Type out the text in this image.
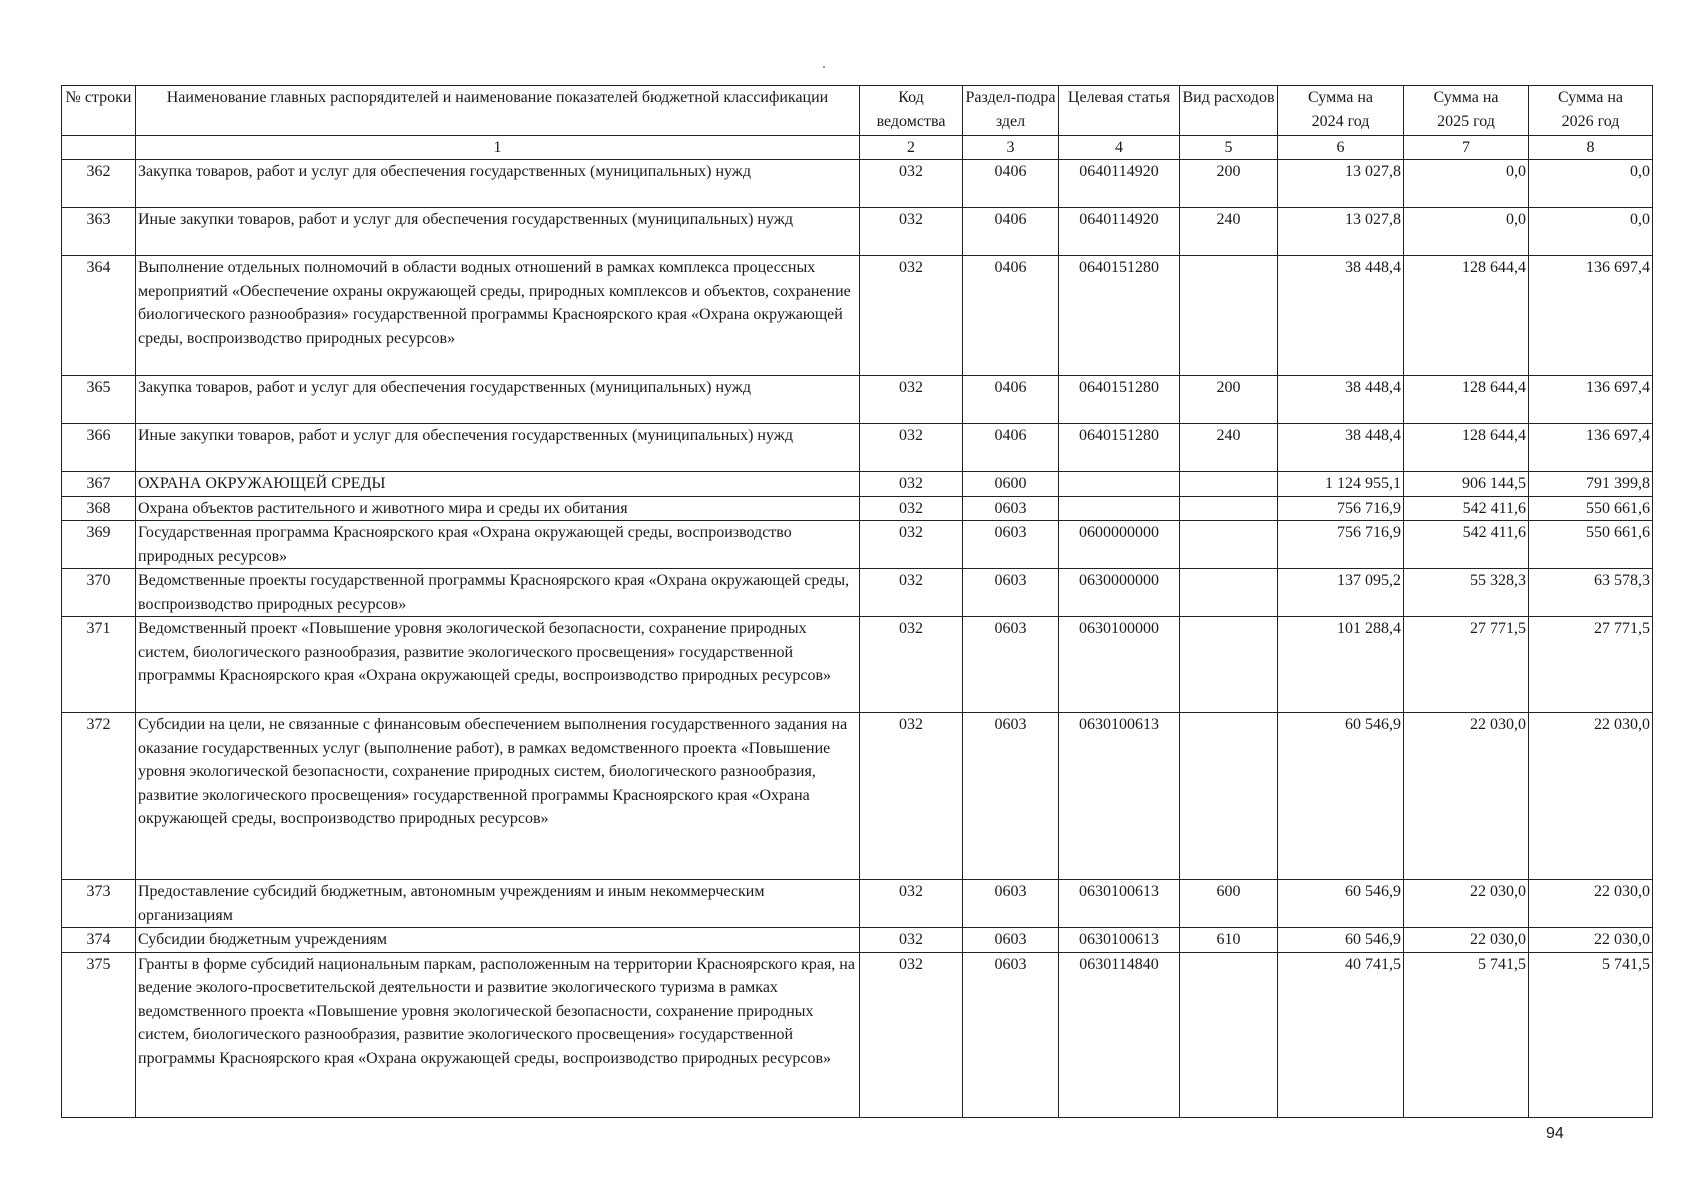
№ строки	Наименование главных распорядителей и наименование показателей бюджетной классификации	Код ведомства	Раздел-подраздел	Целевая статья	Вид расходов	Сумма на 2024 год	Сумма на 2025 год	Сумма на 2026 год
	1	2	3	4	5	6	7	8
362	Закупка товаров, работ и услуг для обеспечения государственных (муниципальных) нужд	032	0406	0640114920	200	13 027,8	0,0	0,0
363	Иные закупки товаров, работ и услуг для обеспечения государственных (муниципальных) нужд	032	0406	0640114920	240	13 027,8	0,0	0,0
364	Выполнение отдельных полномочий в области водных отношений в рамках комплекса процессных мероприятий «Обеспечение охраны окружающей среды, природных комплексов и объектов, сохранение биологического разнообразия» государственной программы Красноярского края «Охрана окружающей среды, воспроизводство природных ресурсов»	032	0406	0640151280		38 448,4	128 644,4	136 697,4
365	Закупка товаров, работ и услуг для обеспечения государственных (муниципальных) нужд	032	0406	0640151280	200	38 448,4	128 644,4	136 697,4
366	Иные закупки товаров, работ и услуг для обеспечения государственных (муниципальных) нужд	032	0406	0640151280	240	38 448,4	128 644,4	136 697,4
367	ОХРАНА ОКРУЖАЮЩЕЙ СРЕДЫ	032	0600			1 124 955,1	906 144,5	791 399,8
368	Охрана объектов растительного и животного мира и среды их обитания	032	0603			756 716,9	542 411,6	550 661,6
369	Государственная программа Красноярского края «Охрана окружающей среды, воспроизводство природных ресурсов»	032	0603	0600000000		756 716,9	542 411,6	550 661,6
370	Ведомственные проекты государственной программы Красноярского края «Охрана окружающей среды, воспроизводство природных ресурсов»	032	0603	0630000000		137 095,2	55 328,3	63 578,3
371	Ведомственный проект «Повышение уровня экологической безопасности, сохранение природных систем, биологического разнообразия, развитие экологического просвещения» государственной программы Красноярского края «Охрана окружающей среды, воспроизводство природных ресурсов»	032	0603	0630100000		101 288,4	27 771,5	27 771,5
372	Субсидии на цели, не связанные с финансовым обеспечением выполнения государственного задания на оказание государственных услуг (выполнение работ), в рамках ведомственного проекта «Повышение уровня экологической безопасности, сохранение природных систем, биологического разнообразия, развитие экологического просвещения» государственной программы Красноярского края «Охрана окружающей среды, воспроизводство природных ресурсов»	032	0603	0630100613		60 546,9	22 030,0	22 030,0
373	Предоставление субсидий бюджетным, автономным учреждениям и иным некоммерческим организациям	032	0603	0630100613	600	60 546,9	22 030,0	22 030,0
374	Субсидии бюджетным учреждениям	032	0603	0630100613	610	60 546,9	22 030,0	22 030,0
375	Гранты в форме субсидий национальным паркам, расположенным на территории Красноярского края, на ведение эколого-просветительской деятельности и развитие экологического туризма в рамках ведомственного проекта «Повышение уровня экологической безопасности, сохранение природных систем, биологического разнообразия, развитие экологического просвещения» государственной программы Красноярского края «Охрана окружающей среды, воспроизводство природных ресурсов»	032	0603	0630114840		40 741,5	5 741,5	5 741,5
94
